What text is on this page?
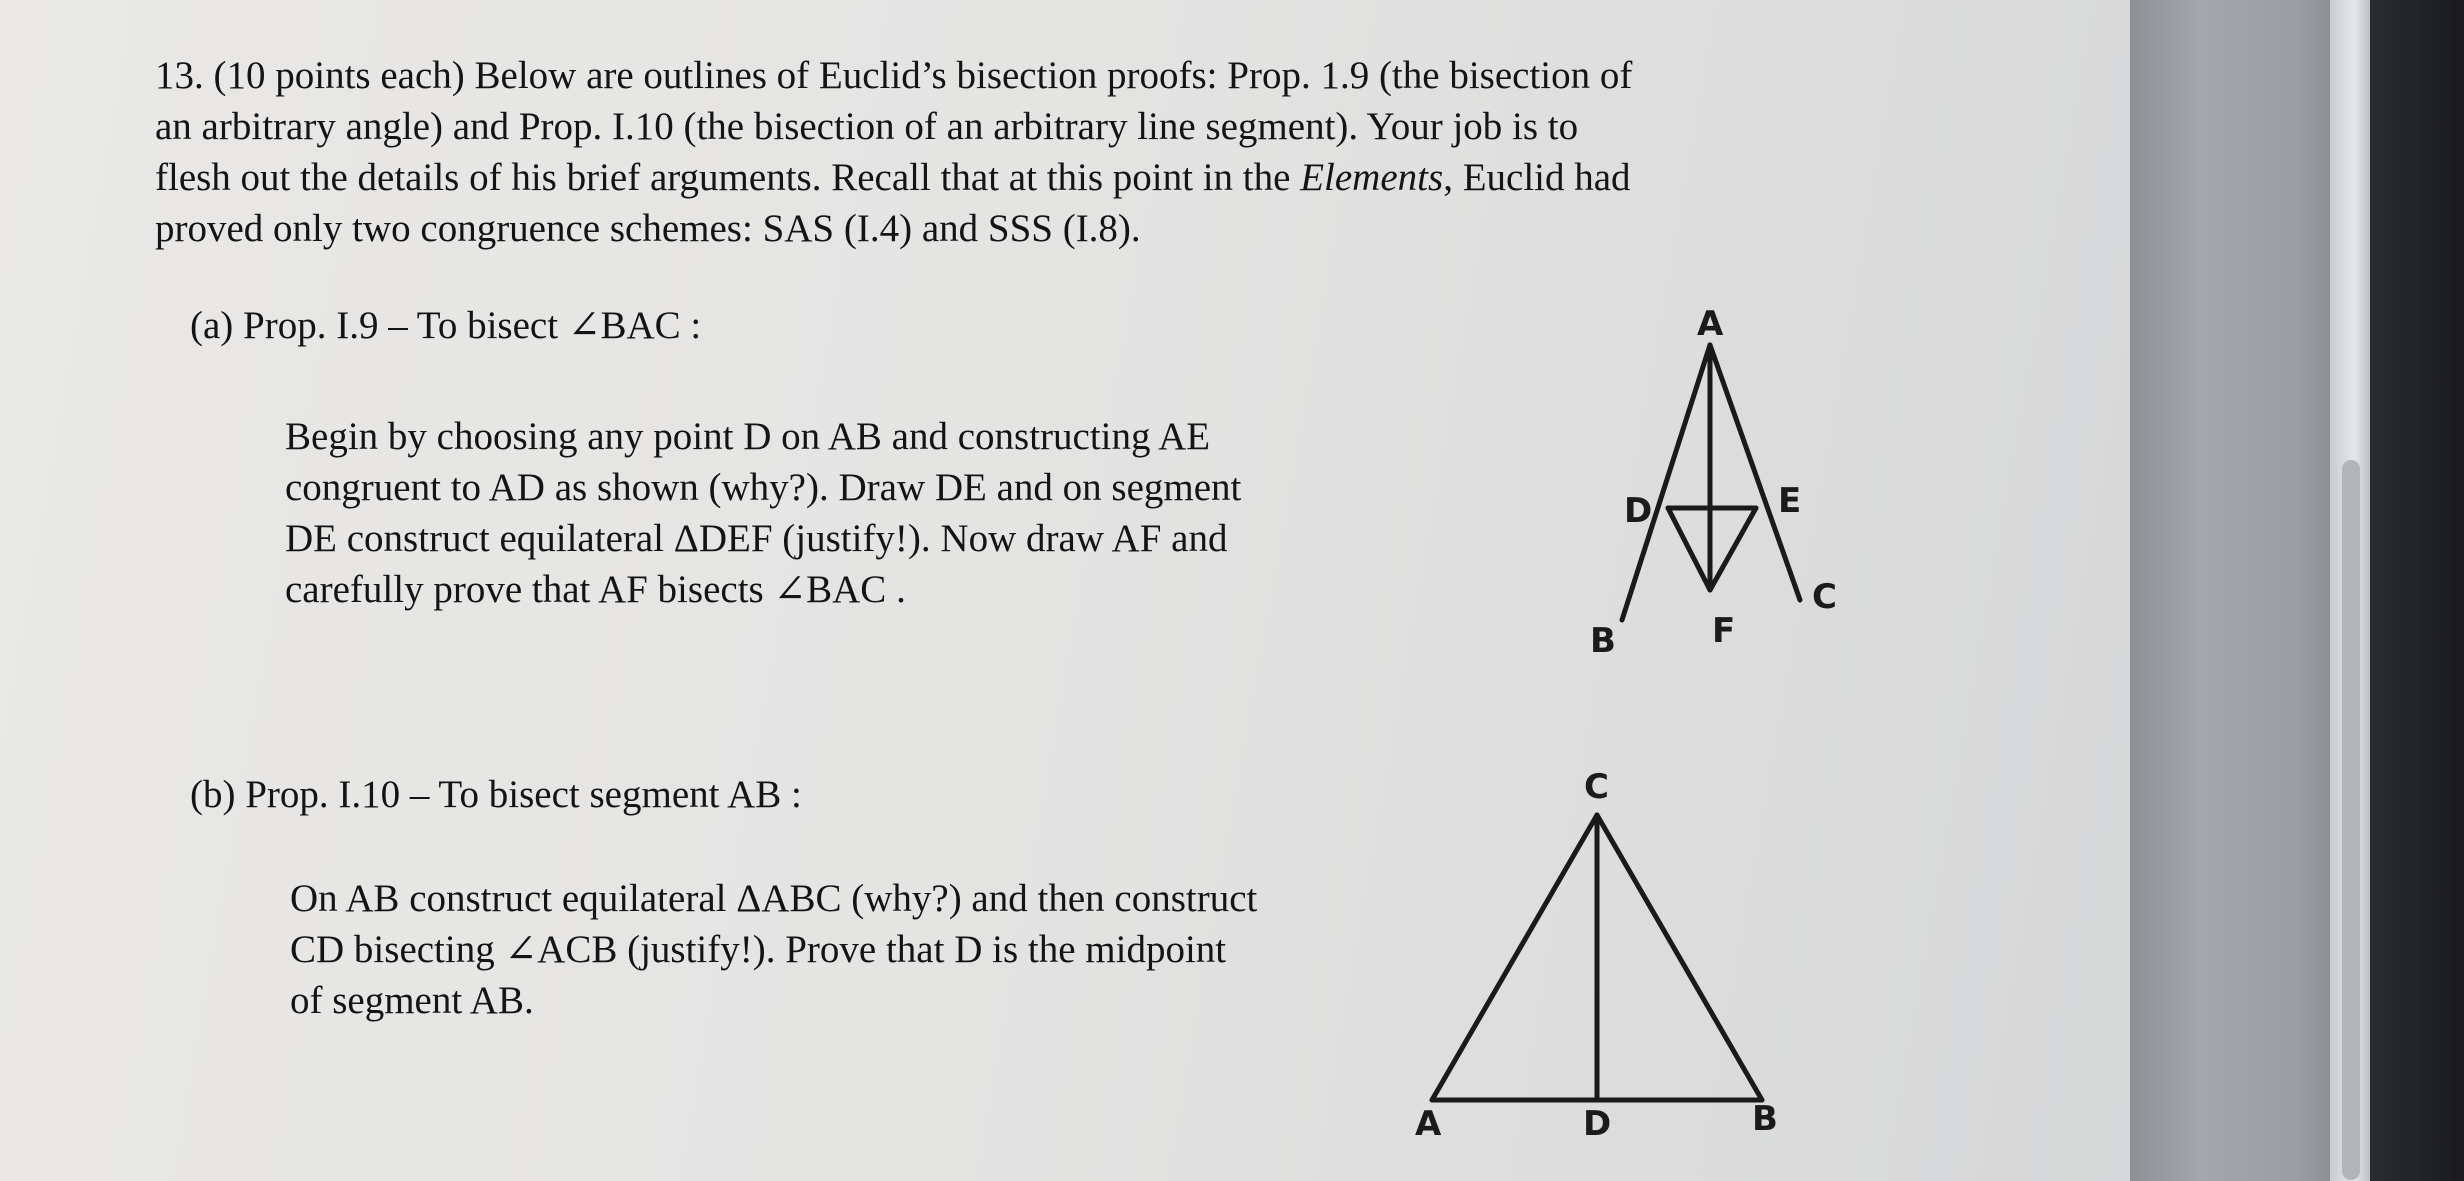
13. (10 points each) Below are outlines of Euclid’s bisection proofs: Prop. 1.9 (the bisection of
an arbitrary angle) and Prop. I.10 (the bisection of an arbitrary line segment). Your job is to
flesh out the details of his brief arguments. Recall that at this point in the Elements, Euclid had
proved only two congruence schemes: SAS (I.4) and SSS (I.8).
(a) Prop. I.9 – To bisect ∠BAC :
Begin by choosing any point D on AB and constructing AE
congruent to AD as shown (why?). Draw DE and on segment
DE construct equilateral ΔDEF (justify!). Now draw AF and
carefully prove that AF bisects ∠BAC .
A
D	E
C
B	F
(b) Prop. I.10 – To bisect segment AB :
On AB construct equilateral ΔABC (why?) and then construct
CD bisecting ∠ACB (justify!). Prove that D is the midpoint
of segment AB.
C
A	D	B
